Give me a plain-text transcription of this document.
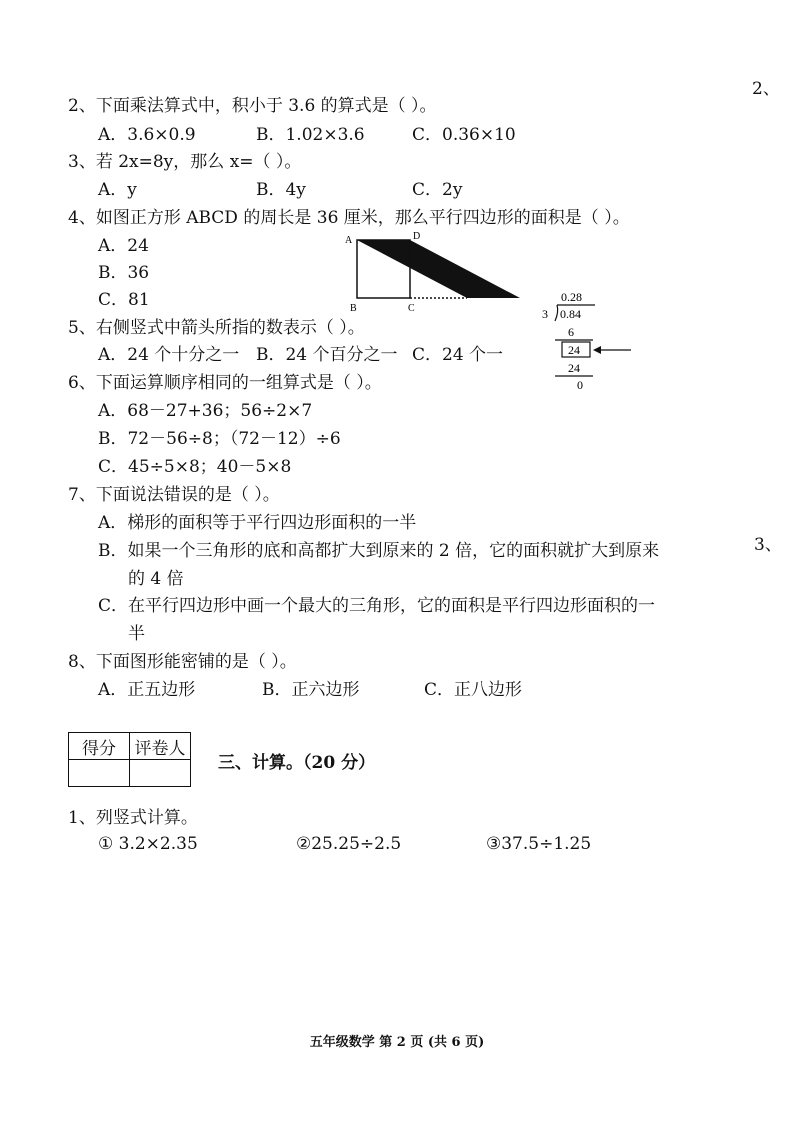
2、
3、
2、下面乘法算式中，积小于 3.6 的算式是（ ）。
A．3.6×0.9	B．1.02×3.6	C．0.36×10
3、若 2x=8y，那么 x=（ ）。
A．y	B．4y	C．2y
4、如图正方形 ABCD 的周长是 36 厘米，那么平行四边形的面积是（ ）。
A．24
B．36
C．81
A	D
B	C
0.28
3 0.84
6
24
24
0
5、右侧竖式中箭头所指的数表示（ ）。
A．24 个十分之一 B．24 个百分之一 C．24 个一
6、下面运算顺序相同的一组算式是（ ）。
A．68－27+36；56÷2×7
B．72－56÷8；（72－12）÷6
C．45÷5×8；40－5×8
7、下面说法错误的是（ ）。
A．梯形的面积等于平行四边形面积的一半
B．如果一个三角形的底和高都扩大到原来的 2 倍，它的面积就扩大到原来
的 4 倍
C．在平行四边形中画一个最大的三角形，它的面积是平行四边形面积的一
半
8、下面图形能密铺的是（ ）。
A．正五边形	B．正六边形	C．正八边形
得分	评卷人

三、计算。（20 分）
1、列竖式计算。
① 3.2×2.35	②25.25÷2.5	③37.5÷1.25
五年级数学 第 2 页 (共 6 页)
